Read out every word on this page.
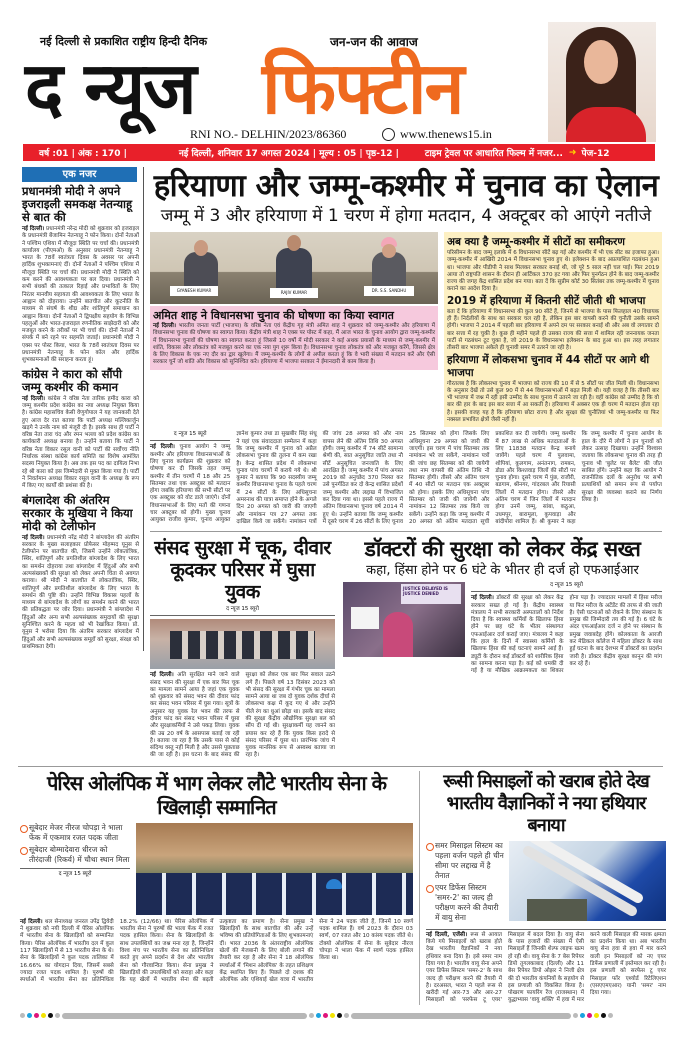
नई दिल्ली से प्रकाशित राष्ट्रीय हिन्दी दैनिक	जन-जन की आवाज
द न्यूज फिफ्टीन
RNI NO.- DELHIN/2023/86360	www.thenews15.in
वर्ष :01 | अंक : 170 |	नई दिल्ली, शनिवार 17 अगस्त 2024 | मूल्य : 05 | पृष्ठ-12 |	टाइम ट्रेवल पर आधारित फिल्म में नजर... ➜ पेज-12
एक नजर
प्रधानमंत्री मोदी ने अपने इजराइली समकक्ष नेतन्याहू से बात की
नई दिल्ली। प्रधानमंत्री नरेन्द्र मोदी को शुक्रवार को इजराइल के प्रधानमंत्री बेंजामिन नेतन्याहू ने फोन किया। दोनों नेताओं ने पश्चिम एशिया में मौजूदा स्थिति पर चर्चा की। प्रधानमंत्री कार्यालय (पीएमओ) के अनुसार प्रधानमंत्री नेतन्याहू ने भारत के 78वें स्वतंत्रता दिवस के अवसर पर अपनी हार्दिक शुभकामनाएं दीं। दोनों नेताओं ने पश्चिम एशिया में मौजूदा स्थिति पर चर्चा की। प्रधानमंत्री मोदी ने स्थिति को कम करने की आवश्यकता पर बल दिया। प्रधानमंत्री ने सभी बंधकों की तत्काल रिहाई और प्रभावितों के लिए निरंतर मानवीय सहायता की आवश्यकता के लिए भारत के आह्वान को दोहराया। उन्होंने बातचीत और कूटनीति के माध्यम से संघर्ष के शीघ्र और शांतिपूर्ण समाधान का आह्वान किया। दोनों नेताओं ने द्विपक्षीय सहयोग के विभिन्न पहलुओं और भारत-इजराइल रणनीतिक साझेदारी को और मजबूत करने के तरीकों पर भी चर्चा की। दोनों नेताओं ने संपर्क में बने रहने पर सहमति जताई। प्रधानमंत्री मोदी ने एक्स पर पोस्ट किया, भारत के 78वें स्वतंत्रता दिवस पर प्रधानमंत्री नेतन्याहू के फोन कॉल और हार्दिक शुभकामनाओं की सराहना करता हूं।
कांग्रेस ने कारा को सौंपी जम्मू कश्मीर की कमान
नई दिल्ली। कांग्रेस ने वरिष्ठ नेता तारिक हमीद कारा को जम्मू कश्मीर प्रदेश कांग्रेस का नया अध्यक्ष नियुक्त किया है। कांग्रेस महासचिव केसी वेणुगोपाल ने यह जानकारी देते हुए आज देर रात बताया कि पार्टी अध्यक्ष मल्लिकार्जुन खड़गे ने उनके नाम को मंजूरी दी है। इसके साथ ही पार्टी ने वरिष्ठ नेता तारा चंद और रमन भल्ला को प्रदेश कांग्रेस का कार्यकारी अध्यक्ष बनाया है। उन्होंने बताया कि पार्टी ने वरिष्ठ नेता विकार रसूल वानी को पार्टी की सर्वोच्च नीति निर्धारक संस्था कांग्रेस कार्य समिति का विशेष आमंत्रित सदस्य नियुक्त किया है। अब तक इस पद का दायित्व निभा रहे श्री कारा को इस जिम्मेदारी से मुक्त किया गया है। पार्टी ने निवर्तमान अध्यक्ष विकार रसूल वानी के अध्यक्ष के रूप में किए गए कार्यों की प्रशंसा की है।
बंगलादेश की अंतरिम सरकार के मुखिया ने किया मोदी को टेलीफोन
नई दिल्ली। प्रधानमंत्री नरेंद्र मोदी ने बांग्लादेश की अंतरिम सरकार के मुख्य सलाहकार प्रोफेसर मोहम्मद यूनुस से टेलीफोन पर बातचीत की, जिसमें उन्होंने लोकतांत्रिक, स्थिर, शांतिपूर्ण और प्रगतिशील बांग्लादेश के लिए भारत का समर्थन दोहराया तथा बांग्लादेश में हिंदुओं और सभी अल्पसंख्यकों की सुरक्षा को लेकर अपनी चिंता से अवगत कराया। श्री मोदी ने बातचीत में लोकतांत्रिक, स्थिर, शांतिपूर्ण और प्रगतिशील बांग्लादेश के लिए भारत के समर्थन की पुष्टि की। उन्होंने विभिन्न विकास पहलों के माध्यम से बांग्लादेश के लोगों का समर्थन करने की भारत की प्रतिबद्धता पर जोर दिया। प्रधानमंत्री ने बांग्लादेश में हिंदुओं और अन्य सभी अल्पसंख्यक समुदायों की सुरक्षा सुनिश्चित करने के महत्व को भी रेखांकित किया। प्रो. यूनुस ने भरोसा दिया कि अंतरिम सरकार बांग्लादेश में हिंदुओं और सभी अल्पसंख्यक समूहों को सुरक्षा, संरक्षा को प्राथमिकता देगी।
हरियाणा और जम्मू-कश्मीर में चुनाव का ऐलान
जम्मू में 3 और हरियाणा में 1 चरण में होगा मतदान, 4 अक्टूबर को आएंगे नतीजे
GYANESH KUMAR	RAJIV KUMAR	DR. S.S. SANDHU
अमित शाह ने विधानसभा चुनाव की घोषणा का किया स्वागत
नई दिल्ली। भारतीय जनता पार्टी (भाजपा) के वरिष्ठ नेता एवं केंद्रीय गृह मंत्री अमित शाह ने शुक्रवार को जम्मू-कश्मीर और हरियाणा में विधानसभा चुनाव की घोषणा का स्वागत किया। केंद्रीय मंत्री शाह ने एक्स पर पोस्ट में कहा, मैं आज भारत के चुनाव आयोग द्वारा जम्मू-कश्मीर में विधानसभा चुनावों की घोषणा का स्वागत करता हूं जिससे 10 वर्षों में मोदी सरकार ने कई अथक प्रयासों के माध्यम से जम्मू-कश्मीर में शांति, विकास और लोकतंत्र को मजबूत करने का एक नया युग शुरू किया है। विधानसभा चुनाव लोकतंत्र को और मजबूत करेंगे, जिससे क्षेत्र के लिए विकास के एक नए दौर का द्वार खुलेगा। मैं जम्मू-कश्मीर के लोगों से अपील करता हूं कि वे भारी संख्या में मतदान करें और ऐसी सरकार चुनें जो शांति और विकास को सुनिश्चित करे। हरियाणा में भाजपा सरकार ने ईमानदारी से काम किया है।
अब क्या है जम्मू-कश्मीर में सीटों का समीकरण
परिसीमन के बाद जम्मू इलाके में 6 विधानसभा सीटें बढ़ गई और कश्मीर में भी एक सीट का इजाफा हुआ। जम्मू-कश्मीर में आखिरी 2014 में विधानसभा चुनाव हुए थे। इलेक्शन के बाद अप्रत्याशित गठबंधन हुआ था। भाजपा और पीडीपी ने साथ मिलकर सरकार बनाई थी, जो पूरे 5 साल नहीं चल पाई। फिर 2019 आया तो राष्ट्रपति शासन के दौरान ही आर्टिकल 370 हट गया और फिर पुनर्गठन होने के बाद जम्मू-कश्मीर राज्य की जगह केंद्र शासित प्रदेश बन गया। बता दें कि सुप्रीम कोर्ट 30 सितंबर तक जम्मू-कश्मीर में चुनाव कराने का आदेश दिया है।
2019 में हरियाणा में कितनी सीटें जीती थी भाजपा
बता दें कि हरियाणा में विधानसभा की कुल 90 सीटें हैं, जिनमें से भाजपा के पास फिलहाल 40 विधायक ही हैं। निर्दलीयों के साथ का सरकार चल रही है, लेकिन इस बार वापसी करने की चुनौती उसके सामने होगी। भाजपा ने 2014 में पहली बार हरियाणा में अपने दम पर सरकार बनाई थी और अब वो लगातार दो बार सत्ता में रह चुकी है। कुछ ही महीने पहले ही उसका राज्य की सत्ता में शामिल रही जननायक जनता पार्टी से गठबंधन टूट चुका है, जो 2019 के विधानसभा इलेक्शन के बाद हुआ था। इस तरह लगातार तीसरी बार भाजपा अकेले ही चुनावी समर में उतरने जा रही है।
हरियाणा में लोकसभा चुनाव में 44 सीटों पर आगे थी भाजपा
गौरतलब है कि लोकसभा चुनाव में भाजपा को राज्य की 10 में से 5 सीटों पर जीत मिली थी। विधानसभा के अनुसार देखें तो उसे कुल 90 में से 44 विधानसभाओं में बढ़त मिली थी। यही वजह है कि तीसरी बार भी भाजपा में जश्न में रही इसी उम्मीद के साथ चुनाव में उतरने जा रही है। वहीं कांग्रेस को उम्मीद है कि वो बार की हार के बाद इस बार सत्ता में आ सकती है। हरियाणा में अक्सर एक ही चरण में मतदान होता रहा है। इसकी वजह यह है कि हरियाणा छोटा राज्य है और सुरक्षा की चुनौतियां भी जम्मू-कश्मीर या फिर नक्सल प्रभावित क्षेत्रों जैसी नहीं हैं।
द न्यूज 15 ब्यूरो
नई दिल्ली। चुनाव आयोग ने जम्मू कश्मीर और हरियाणा विधानसभाओं के लिए चुनाव कार्यक्रम की शुक्रवार को घोषणा कर दी जिसके तहत जम्मू कश्मीर में तीन चरणों में 18 और 25 सितम्बर तथा एक अक्टूबर को मतदान होगा जबकि हरियाणा की सभी सीटों पर एक अक्टूबर को वोट डाले जाएंगे। दोनों विधानसभाओं के लिए मतों की गणना चार अक्टूबर को होगी। मुख्य चुनाव आयुक्त राजीव कुमार, चुनाव आयुक्त ज्ञानेश कुमार तथा डा सुखबीर सिंह संधू ने यहां एक संवाददाता सम्मेलन में कहा कि जम्मू कश्मीर में चुनाव को अप्रैल लोकसभा चुनाव की तुलना में कम रखा है। केन्द्र शासित प्रदेश में लोकसभा चुनाव पांच चरणों में कराये गये थे। श्री कुमार ने बताया कि 90 सदस्यीय जम्मू कश्मीर विधानसभा चुनाव के पहले चरण में 24 सीटों के लिए अधिसूचना अमरनाथ की यात्रा समाप्त होने के अगले दिन 20 अगस्त को जारी की जाएगी और नामांकन पत्र 27 अगस्त तक दाखिल किये जा सकेंगे। नामांकन पत्रों की जांच 28 अगस्त को और नाम वापस लेने की अंतिम तिथि 30 अगस्त होगी। जम्मू कश्मीर में 74 सीटें सामान्य श्रेणी की, सात अनुसूचित जाति तथा नौ सीटें अनुसूचित जनजाति के लिए आरक्षित हैं। जम्मू कश्मीर में पांच अगस्त 2019 को अनुच्छेद 370 निरस्त कर उसे पुनर्गठित कर दो केन्द्र शासित प्रदेशों जम्मू कश्मीर और लद्दाख में विभाजित कर दिया गया था। इससे पहले राज्य में अंतिम विधानसभा चुनाव वर्ष 2014 में हुए थे। उन्होंने बताया कि जम्मू कश्मीर में दूसरे चरण में 26 सीटों के लिए चुनाव 25 सितम्बर को होगा जिसके लिए अधिसूचना 29 अगस्त को जारी की जाएगी। इस चरण में पांच सितम्बर तक नामांकन भरे जा सकेंगे, नामांकन पत्रों की जांच छह सितम्बर को की जायेगी तथा नाम वापसी की अंतिम तिथि नौ सितम्बर होगी। तीसरे और अंतिम चरण में 40 सीटों पर मतदान एक अक्टूबर को होगा। इसके लिए अधिसूचना पांच सितम्बर को जारी की जायेगी और नामांकन 12 सितम्बर तक किये जा सकेंगे। उन्होंने कहा कि जम्मू कश्मीर में 20 अगस्त को अंतिम मतदाता सूची प्रकाशित कर दी जायेगी। जम्मू कश्मीर में 87 लाख से अधिक मतदाताओं के लिए 11838 मतदान केन्द्र बनाये जायेंगे। पहले चरण में पुलवामा, शोपियां, कुलगाम, अनंतनाग, रामबन, डोडा और किश्तवाड़ जिलों की सीटों पर चुनाव होगा। दूसरे चरण में पुंछ, राजौरी, बडगाम, श्रीनगर, गांदरबल और रियासी जिलों में मतदान होगा। तीसरे और अंतिम चरण में जिन जिलों में मतदान होगा उनमें जम्मू, सांबा, कठुआ, उधमपुर, बारामूला, कुपवाड़ा और बांदीपोरा शामिल हैं। श्री कुमार ने कहा कि जम्मू कश्मीर में चुनाव आयोग के हाल के दौरे में लोगों ने इन चुनावों को लेकर उत्साह दिखाया। उन्होंने विश्वास जताया कि लोकसभा चुनाव की तरह ही चुनाव भी 'बुलेट पर बैलेट' की जीत साबित होंगे। उन्होंने कहा कि आयोग ने राजनीतिक दलों के अनुरोध पर सभी प्रत्याशियों को समान रूप से पर्याप्त सुरक्षा की व्यवस्था कराने का निर्णय लिया है।
संसद सुरक्षा में चूक, दीवार कूदकर परिसर में घुसा युवक
द न्यूज 15 ब्यूरो
नई दिल्ली। अति सुरक्षित माने जाने वाले संसद भवन की सुरक्षा में एक बार फिर चूक का मामला सामने आया है जहां एक युवक को शुक्रवार को संसद भवन की दीवार फांद कर संसद भवन परिसर में घुस गया। सूत्रों के अनुसार यह युवक रेल भवन की तरफ से दीवार फांद कर संसद भवन परिसर में घुसा और सुरक्षाकर्मियों ने उसे पकड़ लिया। युवक की उम्र 20 वर्ष के आसपास बताई जा रही है। बताया जा रहा है कि उसके पास से कोई संदिग्ध वस्तु नहीं मिली है और उससे पूछताछ की जा रही है। इस घटना के बाद संसद की सुरक्षा को लेकर एक बार फिर सवाल उठने लगे हैं। पिछले वर्ष 13 दिसंबर 2023 को भी संसद की सुरक्षा में गंभीर चूक का मामला सामने आया था जब दो युवक दर्शक दीर्घा से लोकसभा कक्ष में कूद गए थे और उन्होंने पीले रंग का धुआं छोड़ा था। इसके बाद संसद की सुरक्षा केंद्रीय औद्योगिक सुरक्षा बल को सौंप दी गई थी। सुरक्षाकर्मी यह जानने का प्रयास कर रहे हैं कि युवक किस इरादे से संसद परिसर में घुसा था। प्रारंभिक जांच में युवक मानसिक रूप से अस्वस्थ बताया जा रहा है।
डॉक्टरों की सुरक्षा को लेकर केंद्र सख्त
कहा, हिंसा होने पर 6 घंटे के भीतर ही दर्ज हो एफआईआर
JUSTICE DELAYED IS JUSTICE DENIED
द न्यूज 15 ब्यूरो
नई दिल्ली। डॉक्टरों की सुरक्षा को लेकर केंद्र सरकार सख्त हो गई है। केंद्रीय स्वास्थ्य मंत्रालय ने सभी सरकारी अस्पतालों को निर्देश दिया है कि स्वास्थ्य कर्मियों के खिलाफ हिंसा होने पर छह घंटे के भीतर संस्थागत एफआईआर दर्ज कराई जाए। मंत्रालय ने कहा कि हाल के दिनों में स्वास्थ्य कर्मियों के खिलाफ हिंसा की कई घटनाएं सामने आई हैं। ड्यूटी के दौरान कई डॉक्टरों को शारीरिक हिंसा का सामना करना पड़ा है। कई को धमकी दी गई है या मौखिक आक्रामकता का शिकार होना पड़ा है। ज्यादातर मामलों में हिंसा मरीज या फिर मरीज के अटेंडेंट की तरफ से की जाती है। ऐसी घटनाओं को रोकने के लिए संस्थान के प्रमुख की जिम्मेदारी तय की गई है। 6 घंटे के अंदर एफआईआर दर्ज न होने पर संस्थान के प्रमुख जवाबदेह होंगे। कोलकाता के आरजी कर मेडिकल कॉलेज में महिला डॉक्टर के साथ हुई घटना के बाद देशभर में डॉक्टरों का प्रदर्शन जारी है। डॉक्टर केंद्रीय सुरक्षा कानून की मांग कर रहे हैं।
पेरिस ओलंपिक में भाग लेकर लौटे भारतीय सेना के खिलाड़ी सम्मानित
सूबेदार मेजर नीरज चोपड़ा ने भाला फेंक में एकमात्र रजत पदक जीता
सूबेदार बोम्मादेवारा धीरज को तीरंदाजी (रिकर्व) में चौथा स्थान मिला
द न्यूज 15 ब्यूरो
नई दिल्ली। थल सेनाध्यक्ष जनरल उपेंद्र द्विवेदी ने शुक्रवार को नयी दिल्ली में पेरिस ओलंपिक में भारतीय सेना के खिलाड़ियों को सम्मानित किया। पेरिस ओलंपिक में भारतीय दल में कुल 117 खिलाड़ियों में से 13 भारतीय सेना के थे। सेना के खिलाड़ियों ने कुल पदक तालिका में 16.66% का योगदान दिया, जिसमें सबसे ज्यादा रजत पदक शामिल है। पुरुषों की स्पर्धाओं में भारतीय सेना का प्रतिनिधित्व 18.2% (12/66) था। पेरिस ओलंपिक में भारतीय सेना ने पुरुषों की भाला फेंक में रजत पदक हासिल किया। सेना के खिलाड़ियों के साथ उपलब्धियों का जश्न मना रहा है, जिन्होंने विश्व मंच पर भारतीय सेना का प्रतिनिधित्व करते हुए अपने प्रदर्शन से देश और भारतीय सेना को गौरवान्वित किया। सेना प्रमुख ने खिलाड़ियों की उपलब्धियों को सराहा और कहा कि यह खेलों में भारतीय सेना की बढ़ती उत्कृष्टता का प्रमाण है। सेना प्रमुख ने खिलाड़ियों के साथ बातचीत की और उन्हें भविष्य की प्रतियोगिताओं के लिए शुभकामनाएं दीं। भारत 2036 के अंतरराष्ट्रीय ओलंपिक खेलों की मेजबानी के लिए बोली लगाने की तैयारी कर रहा है और सेना ने 18 ओलंपिक स्पर्धाओं में 'मिशन ओलंपिक' के तहत प्रशिक्षण केंद्र स्थापित किए हैं। पिछले दो दशक की ओलंपिक और एशियाई खेल यात्रा में भारतीय सेना ने 24 पदक जीते हैं, जिनमें 10 स्वर्ण पदक शामिल हैं। वर्ष 2023 के दौरान 03 स्वर्ण, 07 रजत और 10 कांस्य पदक जीते थे। टोक्यो ओलंपिक में सेना के सूबेदार नीरज चोपड़ा ने भाला फेंक में स्वर्ण पदक हासिल किया था।
रूसी मिसाइलों को खराब होते देख भारतीय वैज्ञानिकों ने नया हथियार बनाया
समर मिसाइल सिस्टम का पहला वर्जन पहले ही चीन सीमा पर लद्दाख में है तैनात
एयर डिफेंस सिस्टम 'समर-2' का जल्द ही परीक्षण करने की तैयारी में वायु सेना
नई दिल्ली, एजेंसी। रूस से आयात किये गये मिसाइलों को खराब होते देख भारतीय वैज्ञानिकों ने नया हथियार बना दिया है। इसे समर नाम दिया गया है। भारतीय वायु सेना अपने एयर डिफेंस सिस्टम 'समर-2' के साथ जल्द ही परीक्षण करने की तैयारी में है। दरअसल, भारत ने पहले रूस से खरीदी गई आर-73 और आर-27 मिसाइलों को 'सरफेस टू एयर' मिसाइल में बदल दिया है। वायु सेना के पास हजारों की संख्या में ऐसी मिसाइलें हैं जिनकी शेल्फ लाइफ खत्म हो रही थी। वायु सेना के 7 बेस रिपेयर डिपो तुगलकाबाद (दिल्ली) और 11 बेस रिपेयर डिपो ओझर ने निजी क्षेत्र की दो भारतीय कंपनियों के सहयोग से इस प्रणाली को विकसित किया है। पोखरण फायरिंग रेंज (राजस्थान) में युद्धाभ्यास 'वायु शक्ति' में हवा में मार करने वाली मिसाइल की मारक क्षमता का प्रदर्शन किया था। अब भारतीय वायु सेना हवा से हवा में मार करने वाली इन मिसाइलों को नए एयर डिफेंस प्रणाली में इस्तेमाल कर रही है। इस प्रणाली को सरफेस टू एयर मिसाइल फॉर एश्योर्ड रिटेलिएशन (एसएएमएआर) यानी 'समर' नाम दिया गया।
